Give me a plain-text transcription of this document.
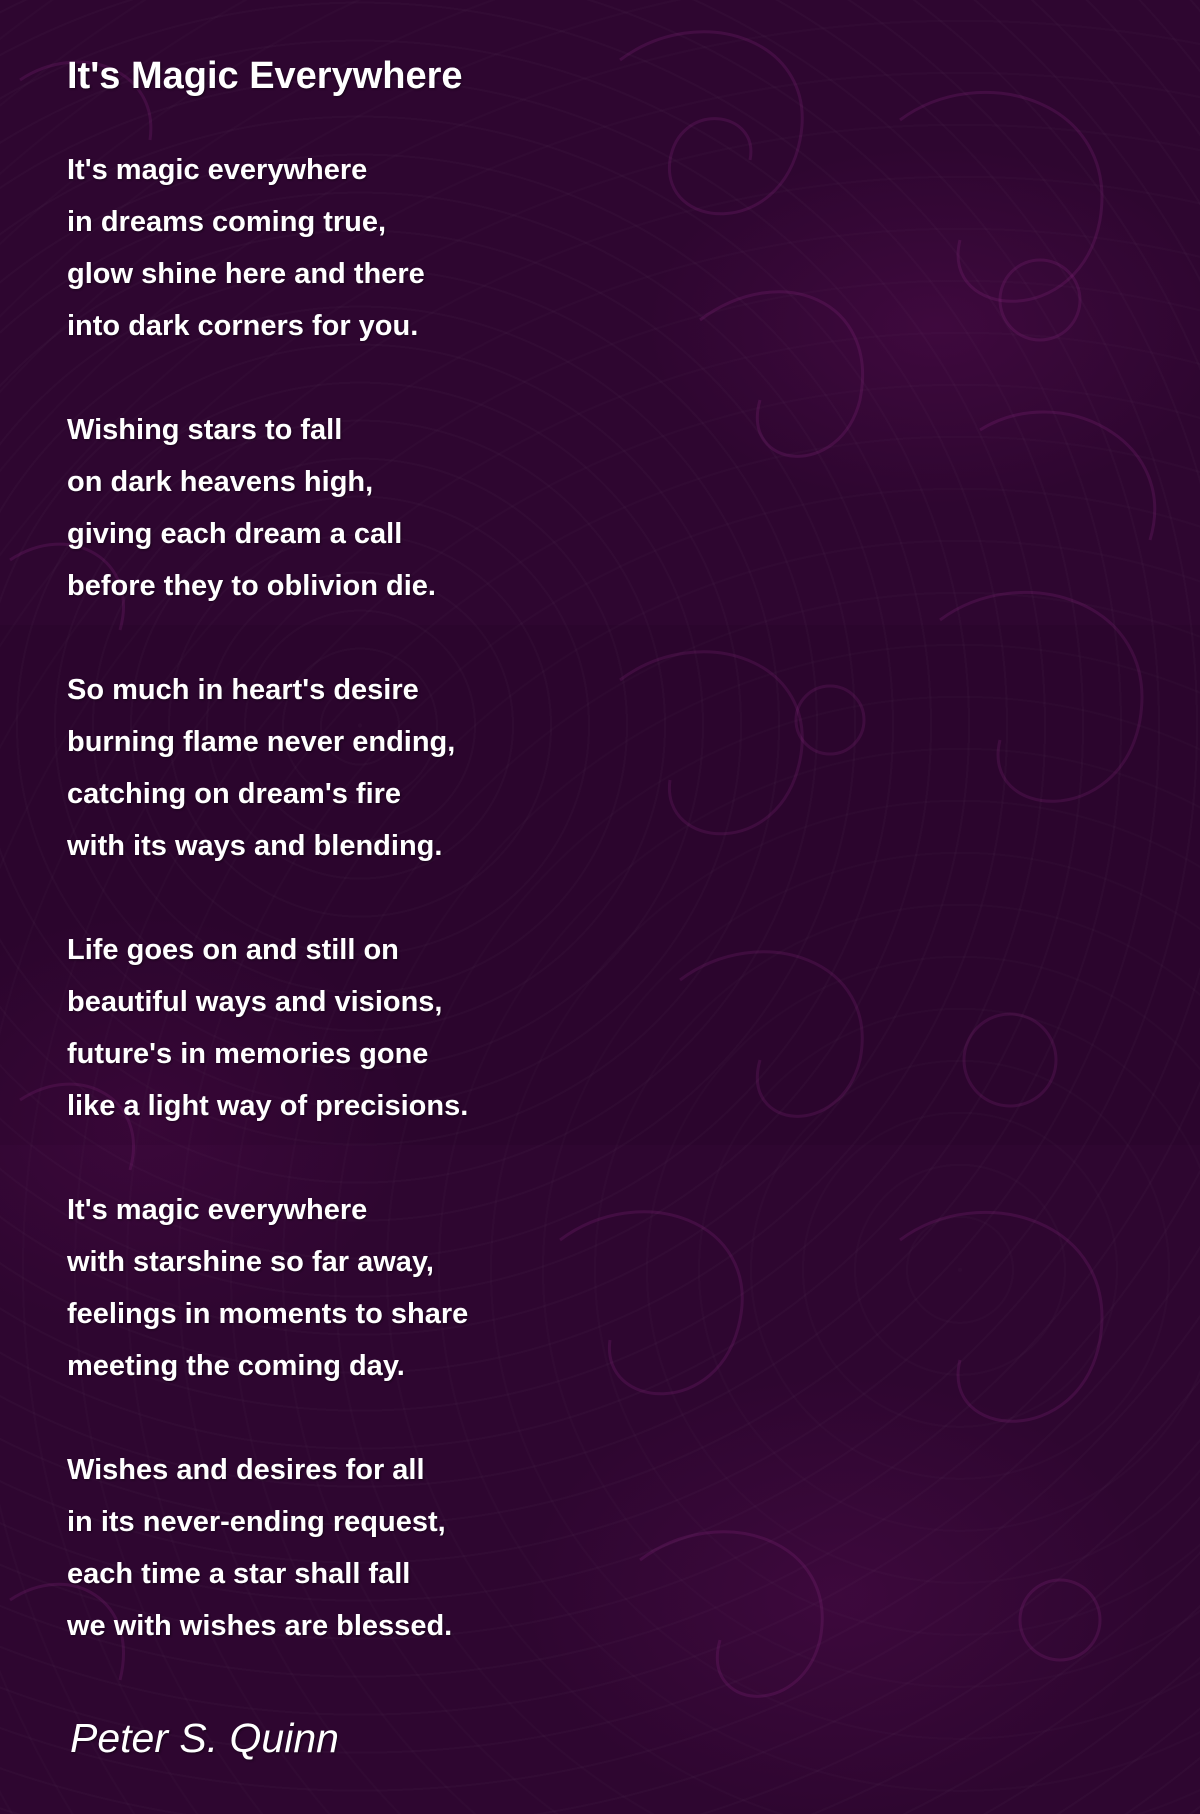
It's Magic Everywhere
It's magic everywhere
in dreams coming true,
glow shine here and there
into dark corners for you.
Wishing stars to fall
on dark heavens high,
giving each dream a call
before they to oblivion die.
So much in heart's desire
burning flame never ending,
catching on dream's fire
with its ways and blending.
Life goes on and still on
beautiful ways and visions,
future's in memories gone
like a light way of precisions.
It's magic everywhere
with starshine so far away,
feelings in moments to share
meeting the coming day.
Wishes and desires for all
in its never-ending request,
each time a star shall fall
we with wishes are blessed.
Peter S. Quinn
